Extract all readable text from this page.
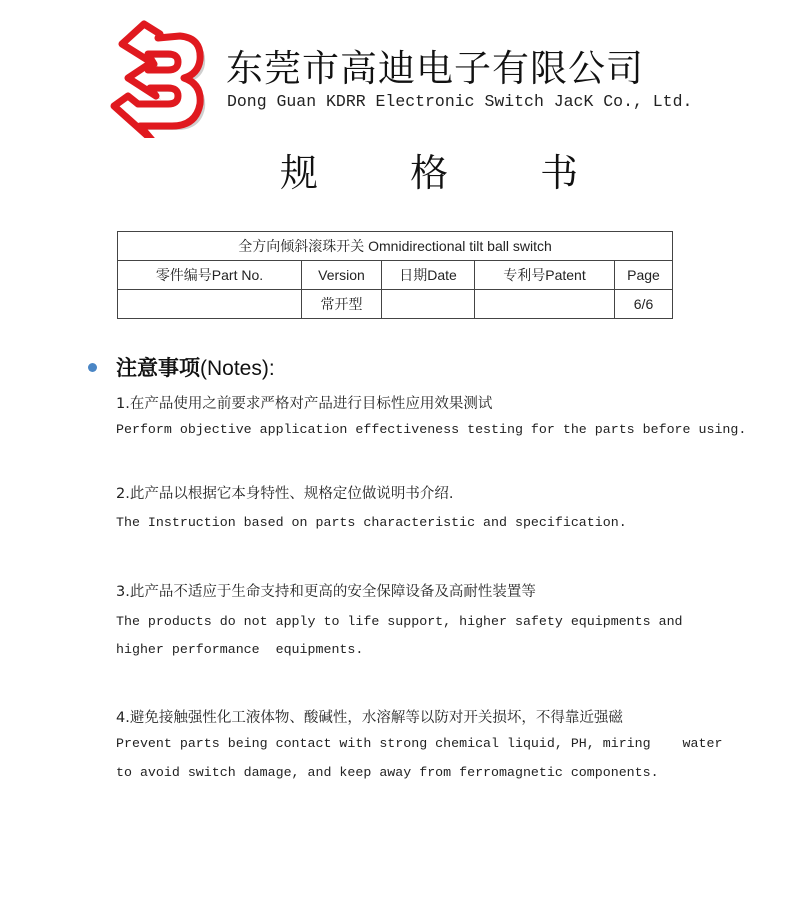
东莞市高迪电子有限公司
Dong Guan KDRR Electronic Switch JacK Co., Ltd.
规 格 书
全方向倾斜滚珠开关 Omnidirectional tilt ball switch				
零件编号Part No.	Version	日期Date	专利号Patent	Page
	常开型			6/6
注意事项(Notes):
1.在产品使用之前要求严格对产品进行目标性应用效果测试
Perform objective application effectiveness testing for the parts before using.
2.此产品以根据它本身特性、规格定位做说明书介绍.
The Instruction based on parts characteristic and specification.
3.此产品不适应于生命支持和更高的安全保障设备及高耐性装置等
The products do not apply to life support, higher safety equipments and
higher performance  equipments.
4.避免接触强性化工液体物、酸碱性，水溶解等以防对开关损坏，不得靠近强磁
Prevent parts being contact with strong chemical liquid, PH, miring    water
to avoid switch damage, and keep away from ferromagnetic components.
